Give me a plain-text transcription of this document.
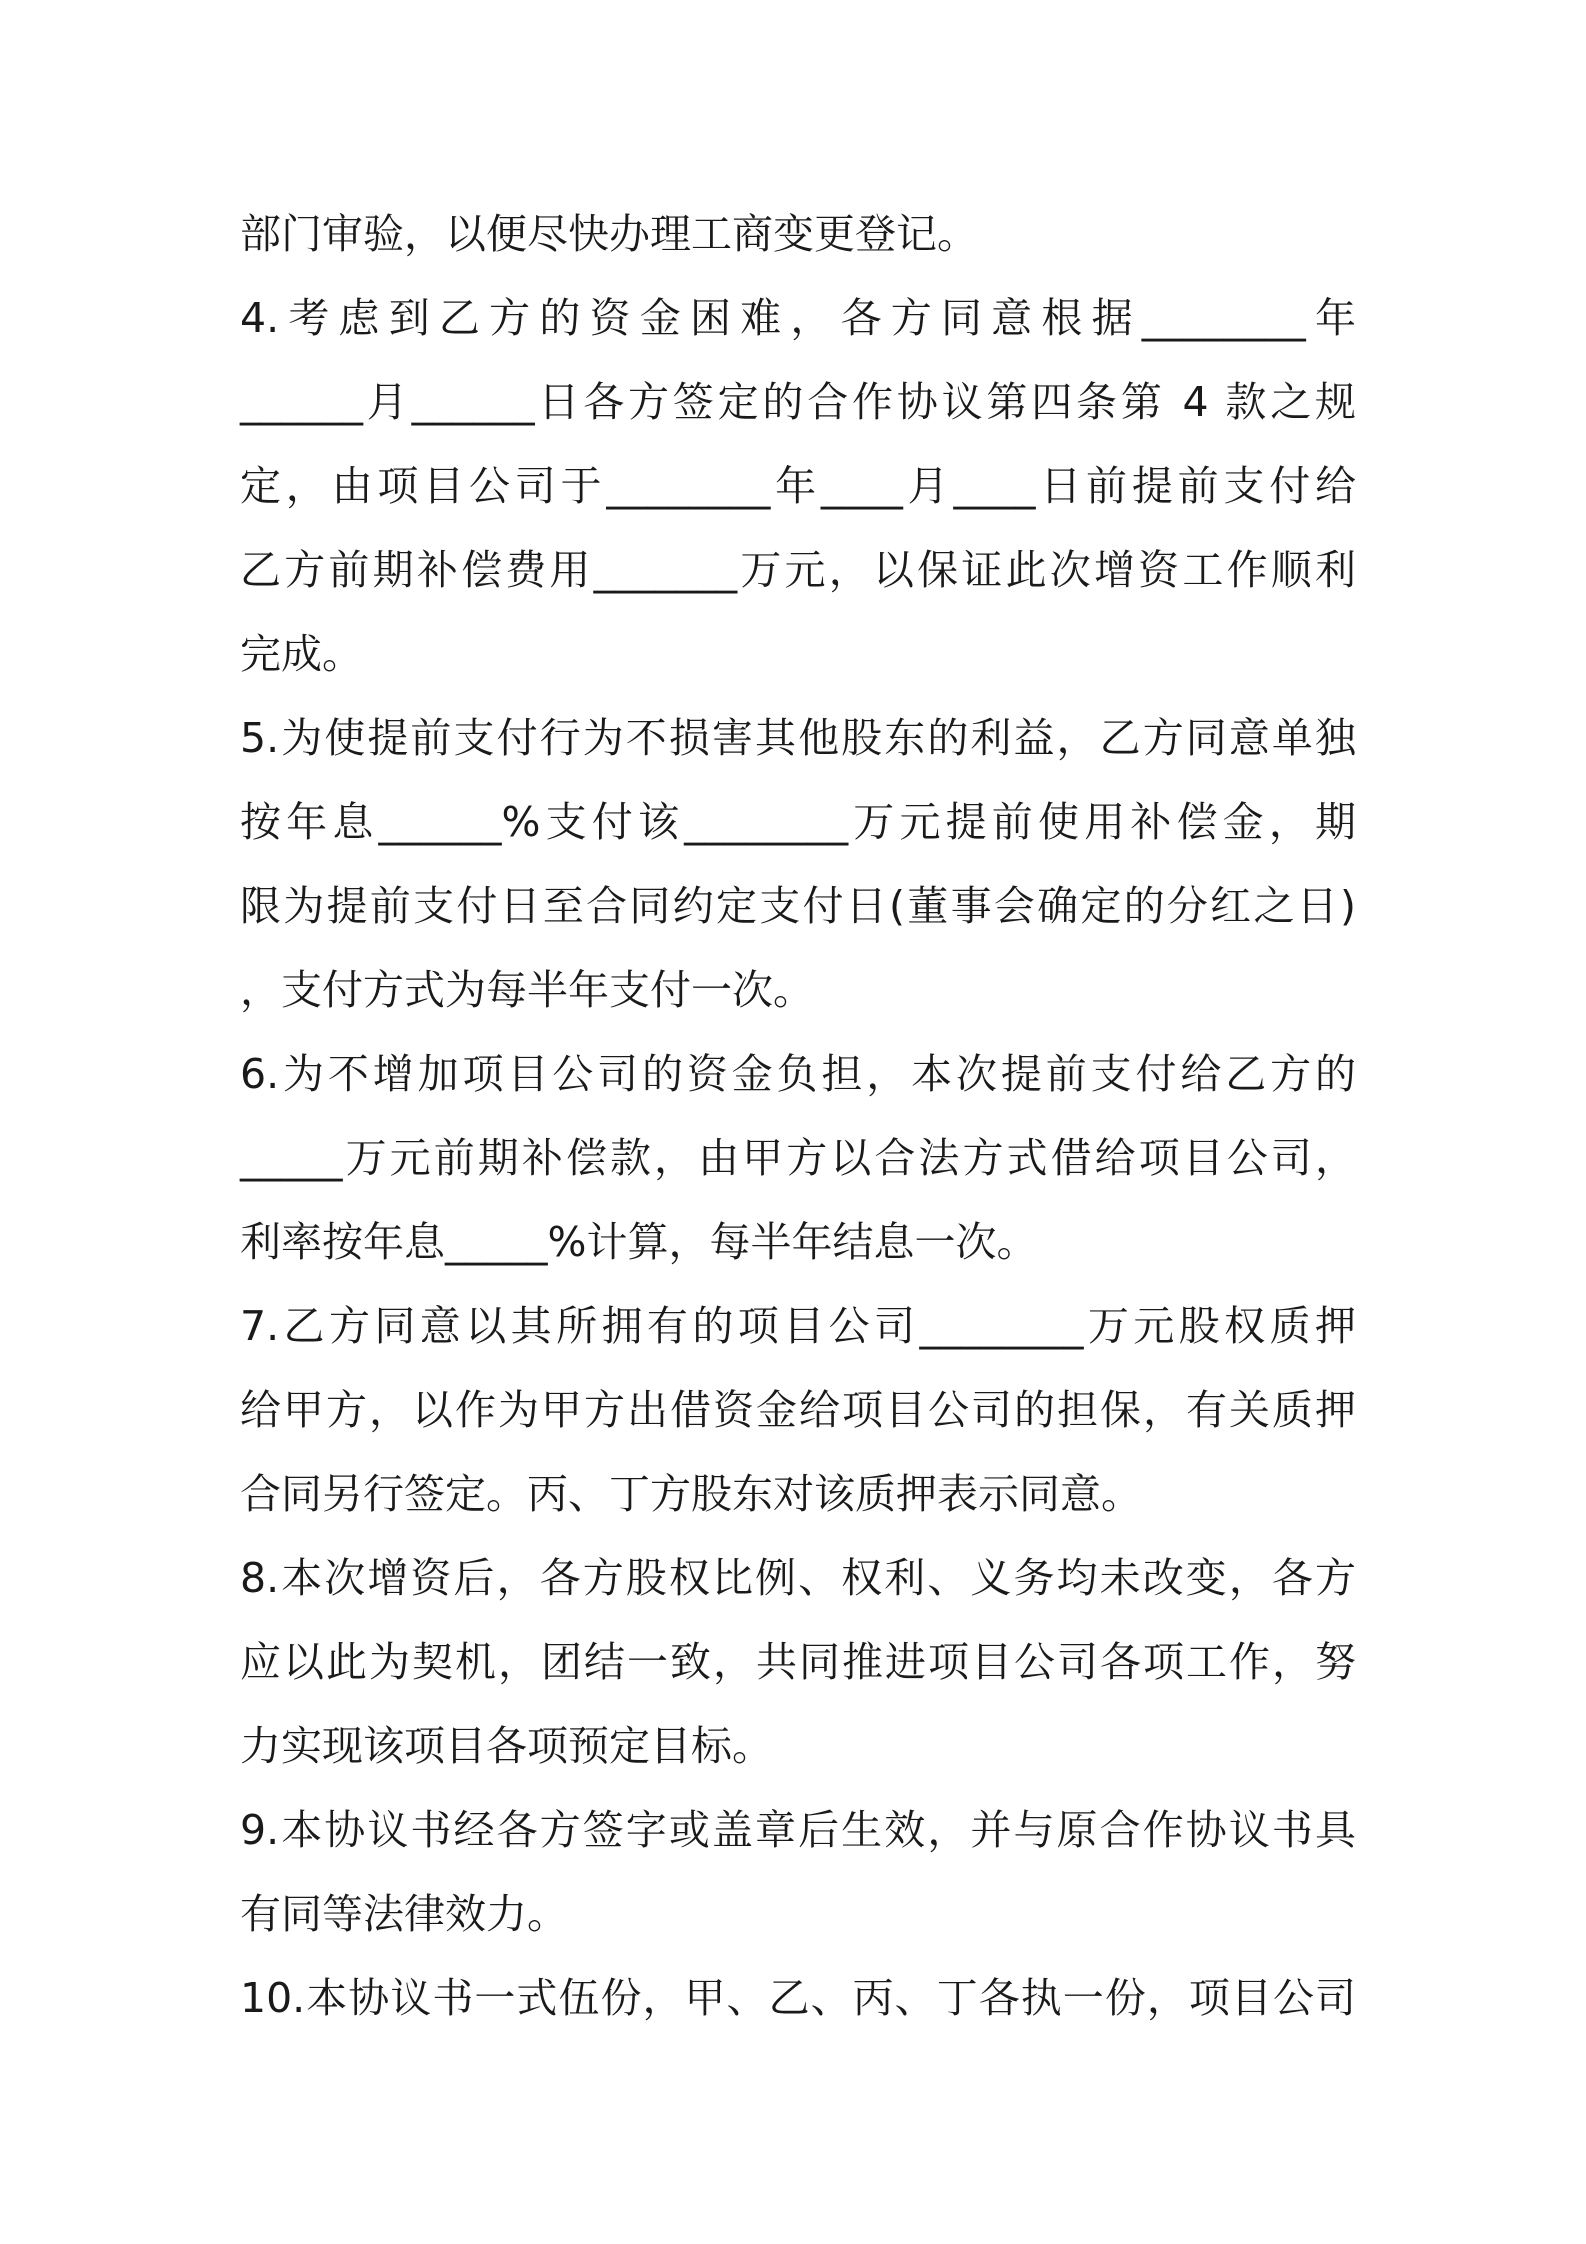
部门审验，以便尽快办理工商变更登记。
4.考虑到乙方的资金困难，各方同意根据________年
______月______日各方签定的合作协议第四条第 4 款之规
定，由项目公司于________年____月____日前提前支付给
乙方前期补偿费用_______万元，以保证此次增资工作顺利
完成。
5.为使提前支付行为不损害其他股东的利益，乙方同意单独
按年息______%支付该________万元提前使用补偿金，期
限为提前支付日至合同约定支付日(董事会确定的分红之日)
，支付方式为每半年支付一次。
6.为不增加项目公司的资金负担，本次提前支付给乙方的
_____万元前期补偿款，由甲方以合法方式借给项目公司，
利率按年息_____%计算，每半年结息一次。
7.乙方同意以其所拥有的项目公司________万元股权质押
给甲方，以作为甲方出借资金给项目公司的担保，有关质押
合同另行签定。丙、丁方股东对该质押表示同意。
8.本次增资后，各方股权比例、权利、义务均未改变，各方
应以此为契机，团结一致，共同推进项目公司各项工作，努
力实现该项目各项预定目标。
9.本协议书经各方签字或盖章后生效，并与原合作协议书具
有同等法律效力。
10.本协议书一式伍份，甲、乙、丙、丁各执一份，项目公司
